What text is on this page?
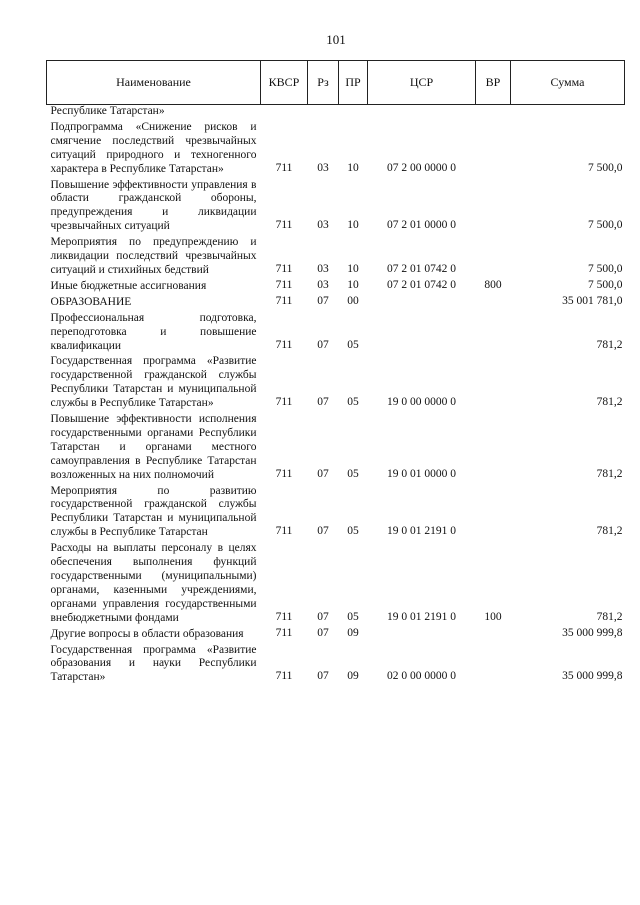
101
Наименование	КВСР	Рз	ПР	ЦСР	ВР	Сумма
Республике Татарстан»						
Подпрограмма «Снижение рисков и смягчение последствий чрезвычайных ситуаций природного и техногенного характера в Республике Татарстан»	711	03	10	07 2 00 0000 0		7 500,0
Повышение эффективности управления в области гражданской обороны, предупреждения и ликвидации чрезвычайных ситуаций	711	03	10	07 2 01 0000 0		7 500,0
Мероприятия по предупреждению и ликвидации последствий чрезвычайных ситуаций и стихийных бедствий	711	03	10	07 2 01 0742 0		7 500,0
Иные бюджетные ассигнования	711	03	10	07 2 01 0742 0	800	7 500,0
ОБРАЗОВАНИЕ	711	07	00			35 001 781,0
Профессиональная подготовка, переподготовка и повышение квалификации	711	07	05			781,2
Государственная программа «Развитие государственной гражданской службы Республики Татарстан и муниципальной службы в Республике Татарстан»	711	07	05	19 0 00 0000 0		781,2
Повышение эффективности исполнения государственными органами Республики Татарстан и органами местного самоуправления в Республике Татарстан возложенных на них полномочий	711	07	05	19 0 01 0000 0		781,2
Мероприятия по развитию государственной гражданской службы Республики Татарстан и муниципальной службы в Республике Татарстан	711	07	05	19 0 01 2191 0		781,2
Расходы на выплаты персоналу в целях обеспечения выполнения функций государственными (муниципальными) органами, казенными учреждениями, органами управления государственными внебюджетными фондами	711	07	05	19 0 01 2191 0	100	781,2
Другие вопросы в области образования	711	07	09			35 000 999,8
Государственная программа «Развитие образования и науки Республики Татарстан»	711	07	09	02 0 00 0000 0		35 000 999,8
